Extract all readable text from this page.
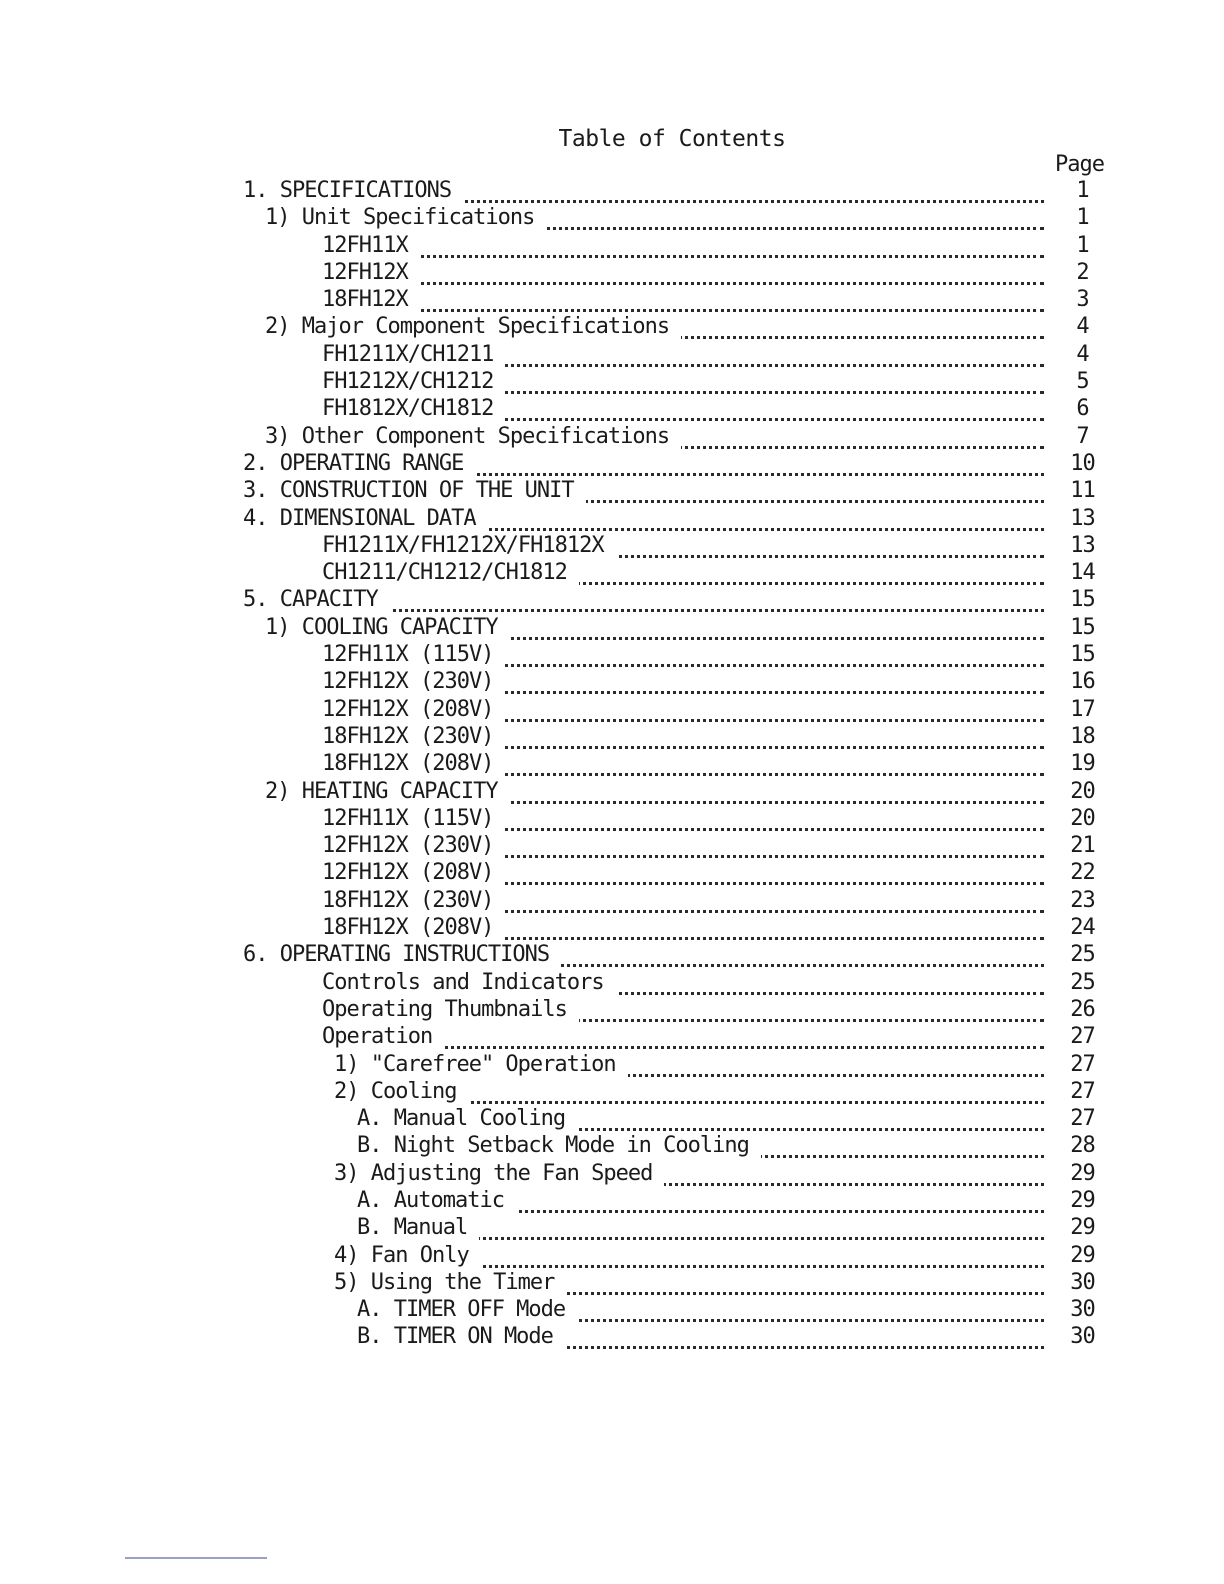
Table of Contents
Page
1. SPECIFICATIONS	1
1) Unit Specifications	1
12FH11X	1
12FH12X	2
18FH12X	3
2) Major Component Specifications	4
FH1211X/CH1211	4
FH1212X/CH1212	5
FH1812X/CH1812	6
3) Other Component Specifications	7
2. OPERATING RANGE	10
3. CONSTRUCTION OF THE UNIT	11
4. DIMENSIONAL DATA	13
FH1211X/FH1212X/FH1812X	13
CH1211/CH1212/CH1812	14
5. CAPACITY	15
1) COOLING CAPACITY	15
12FH11X (115V)	15
12FH12X (230V)	16
12FH12X (208V)	17
18FH12X (230V)	18
18FH12X (208V)	19
2) HEATING CAPACITY	20
12FH11X (115V)	20
12FH12X (230V)	21
12FH12X (208V)	22
18FH12X (230V)	23
18FH12X (208V)	24
6. OPERATING INSTRUCTIONS	25
Controls and Indicators	25
Operating Thumbnails	26
Operation	27
1) "Carefree" Operation	27
2) Cooling	27
A. Manual Cooling	27
B. Night Setback Mode in Cooling	28
3) Adjusting the Fan Speed	29
A. Automatic	29
B. Manual	29
4) Fan Only	29
5) Using the Timer	30
A. TIMER OFF Mode	30
B. TIMER ON Mode	30
